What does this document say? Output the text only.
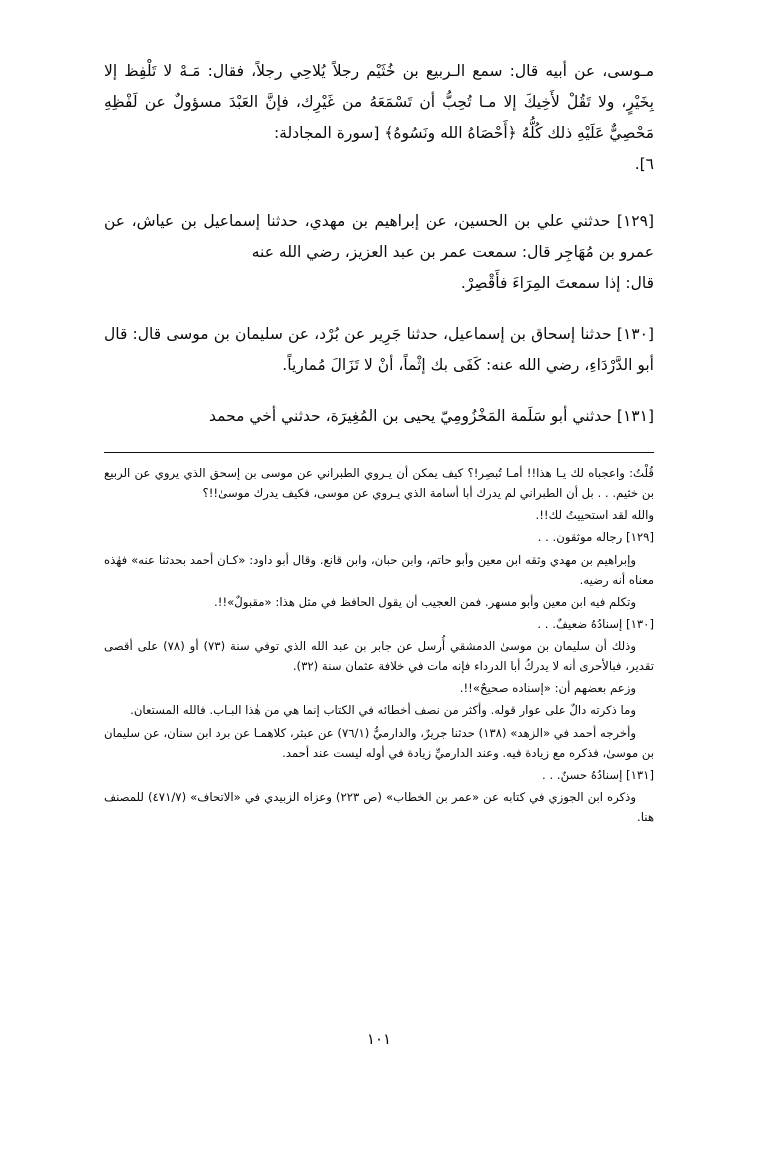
مـوسى، عن أبيه قال: سمع الـربيع بن خُثَيْم رجلاً يُلاحِي رجلاً، فقال: مَـهْ لا تَلْفِظ إلا بِخَيْرٍ، ولا تَقُلْ لأَخِيكَ إلا مـا تُحِبُّ أن تَسْمَعَهُ من غَيْرِك، فإنَّ العَبْدَ مسؤولٌ عن لَفْظِهِ مَحْصِيٌّ عَلَيْهِ ذلك كُلُّهُ ﴿أَحْصَاهُ الله ونَسُوهُ﴾ [سورة المجادلة:
٦].

[١٢٩] حدثني علي بن الحسين، عن إبراهيم بن مهدي، حدثنا إسماعيل بن عياش، عن عمرو بن مُهَاجِر قال: سمعت عمر بن عبد العزيز، رضي الله عنه
قال: إذا سمعتَ المِرَاءَ فأَقْصِرْ.

[١٣٠] حدثنا إسحاق بن إسماعيل، حدثنا جَرِير عن بُرْد، عن سليمان بن موسى قال: قال أبو الدَّرْدَاءِ، رضي الله عنه: كَفَى بك إثْماً، أنْ لا تَزَالَ مُمارياً.

[١٣١] حدثني أبو سَلَمة المَخْزُومِيّ يحيى بن المُغِيرَة، حدثني أخي محمد

قُلْتُ: واعجباه لك يـا هذا!! أمـا تُبصِر!؟ كيف يمكن أن يـروي الطبراني عن موسى بن إسحق الذي يروي عن الربيع بن خثيم. . . بل أن الطبراني لم يدرك أبا أسامة الذي يـروي عن موسى، فكيف يدرك موسىٰ!!؟

والله لقد استحييتُ لك!!.

[١٢٩] رجاله موثقون. . .

وإبراهيم بن مهدي وثقه ابن معين وأبو حاتم، وابن حبان، وابن قانع. وقال أبو داود: «كـان أحمد بحدثنا عنه» فهٰذه معناه أنه رضيه.

وتكلم فيه ابن معين وأبو مسهر. فمن العجيب أن يقول الحافظ في مثل هذا: «مقبولٌ»!!.

[١٣٠] إسنادُهُ ضعيفٌ. . .

وذلك أن سليمان بن موسىٰ الدمشقي أُرسل عن جابر بن عبد الله الذي توفي سنة (٧٣) أو (٧٨) على أقصى تقدير، فبالأحرى أنه لا يدركُ أبا الدرداء فإنه مات في خلافة عثمان سنة (٣٢).

وزعم بعضهم أن: «إسناده صحيحٌ»!!.

وما ذكرته دالٌ على عوار قوله. وأكثر من نصف أخطائه في الكتاب إنما هي من هٰذا البـاب. فالله المستعان.

وأخرجه أحمد في «الزهد» (١٣٨) حدثنا جريرٌ، والدارميُّ (٧٦/١) عن عبثر، كلاهمـا عن برد ابن سنان، عن سليمان بن موسىٰ، فذكره مع زيادة فيه. وعند الدارميِّ زيادة في أوله ليست عند أحمد.

[١٣١] إسنادُهُ حسنٌ. . .

وذكره ابن الجوزي في كتابه عن «عمر بن الخطاب» (ص ٢٢٣) وعزاه الزبيدي في «الاتحاف» (٤٧١/٧) للمصنف هنا.

١٠١
